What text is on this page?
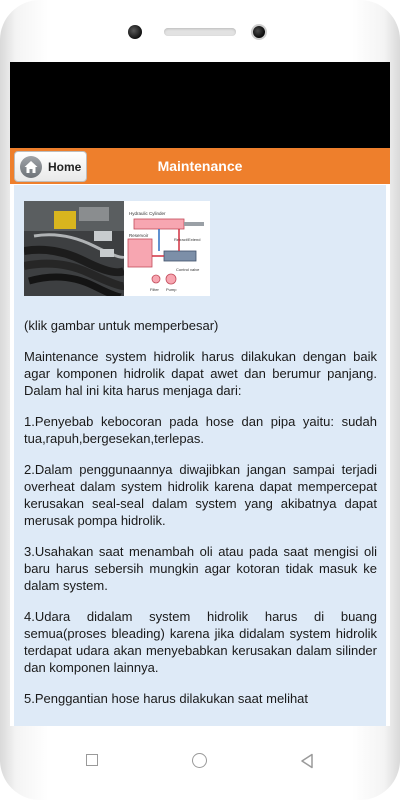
Home	Maintenance
Hydraulic Cylinder
Reservoir
Retract/Extend
Control valve
Filter Pump
(klik gambar untuk memperbesar)

Maintenance system hidrolik harus dilakukan dengan baik agar komponen hidrolik dapat awet dan berumur panjang. Dalam hal ini kita harus menjaga dari:

1.Penyebab kebocoran pada hose dan pipa yaitu: sudah tua,rapuh,bergesekan,terlepas.

2.Dalam penggunaannya diwajibkan jangan sampai terjadi overheat dalam system hidrolik karena dapat mempercepat kerusakan seal-seal dalam system yang akibatnya dapat merusak pompa hidrolik.

3.Usahakan saat menambah oli atau pada saat mengisi oli baru harus sebersih mungkin agar kotoran tidak masuk ke dalam system.

4.Udara didalam system hidrolik harus di buang semua(proses bleading) karena jika didalam system hidrolik terdapat udara akan menyebabkan kerusakan dalam silinder dan komponen lainnya.

5.Penggantian hose harus dilakukan saat melihat
